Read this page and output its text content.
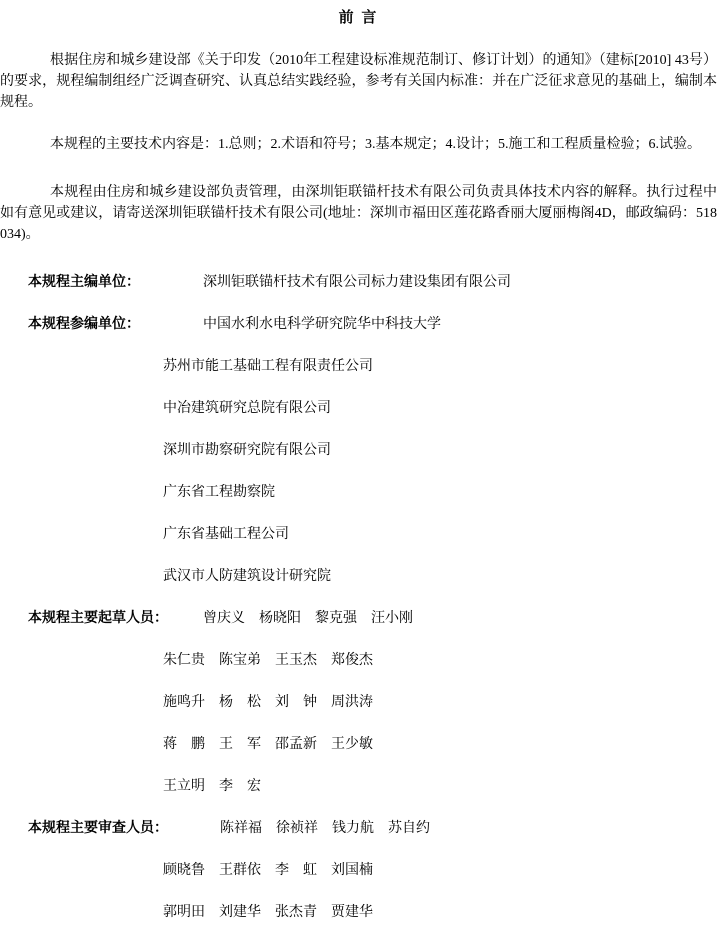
前 言

根据住房和城乡建设部《关于印发（2010年工程建设标准规范制订、修订计划）的通知》（建标[2010] 43号）的要求，规程编制组经广泛调查研究、认真总结实践经验，参考有关国内标准：并在广泛征求意见的基础上，编制本规程。

本规程的主要技术内容是：1.总则；2.术语和符号；3.基本规定；4.设计；5.施工和工程质量检验；6.试验。

本规程由住房和城乡建设部负责管理，由深圳钜联锚杆技术有限公司负责具体技术内容的解释。执行过程中如有意见或建议，请寄送深圳钜联锚杆技术有限公司(地址：深圳市福田区莲花路香丽大厦丽梅阁4D，邮政编码：518034)。

本规程主编单位：	深圳钜联锚杆技术有限公司标力建设集团有限公司
本规程参编单位：	中国水利水电科学研究院华中科技大学
苏州市能工基础工程有限责任公司
中冶建筑研究总院有限公司
深圳市勘察研究院有限公司
广东省工程勘察院
广东省基础工程公司
武汉市人防建筑设计研究院
本规程主要起草人员：	曾庆义　杨晓阳　黎克强　汪小刚
朱仁贵　陈宝弟　王玉杰　郑俊杰
施鸣升　杨　松　刘　钟　周洪涛
蒋　鹏　王　军　邵孟新　王少敏
王立明　李　宏
本规程主要审查人员：	陈祥福　徐祯祥　钱力航　苏自约
顾晓鲁　王群依　李　虹　刘国楠
郭明田　刘建华　张杰青　贾建华
